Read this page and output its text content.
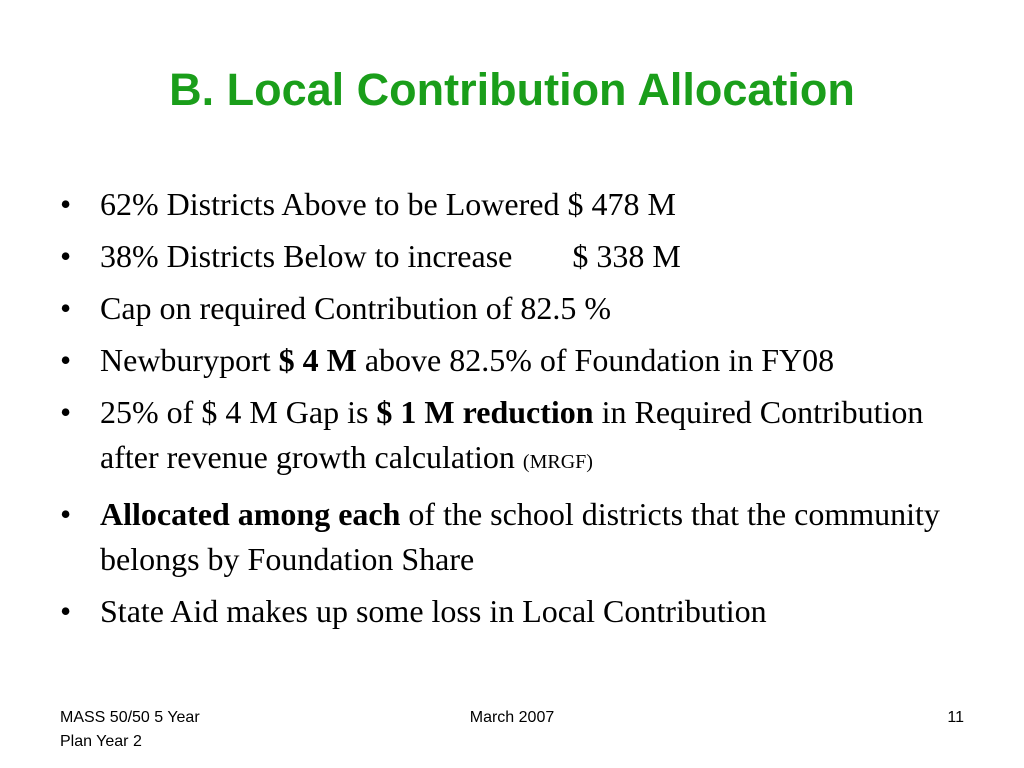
B. Local Contribution Allocation
• 62% Districts Above to be Lowered $ 478 M
• 38% Districts Below to increase $ 338 M
• Cap on required Contribution of 82.5 %
• Newburyport $ 4 M above 82.5% of Foundation in FY08
• 25% of $ 4 M Gap is $ 1 M reduction in Required Contribution after revenue growth calculation (MRGF)
• Allocated among each of the school districts that the community belongs by Foundation Share
• State Aid makes up some loss in Local Contribution
MASS 50/50 5 Year
Plan Year 2
March 2007	11
